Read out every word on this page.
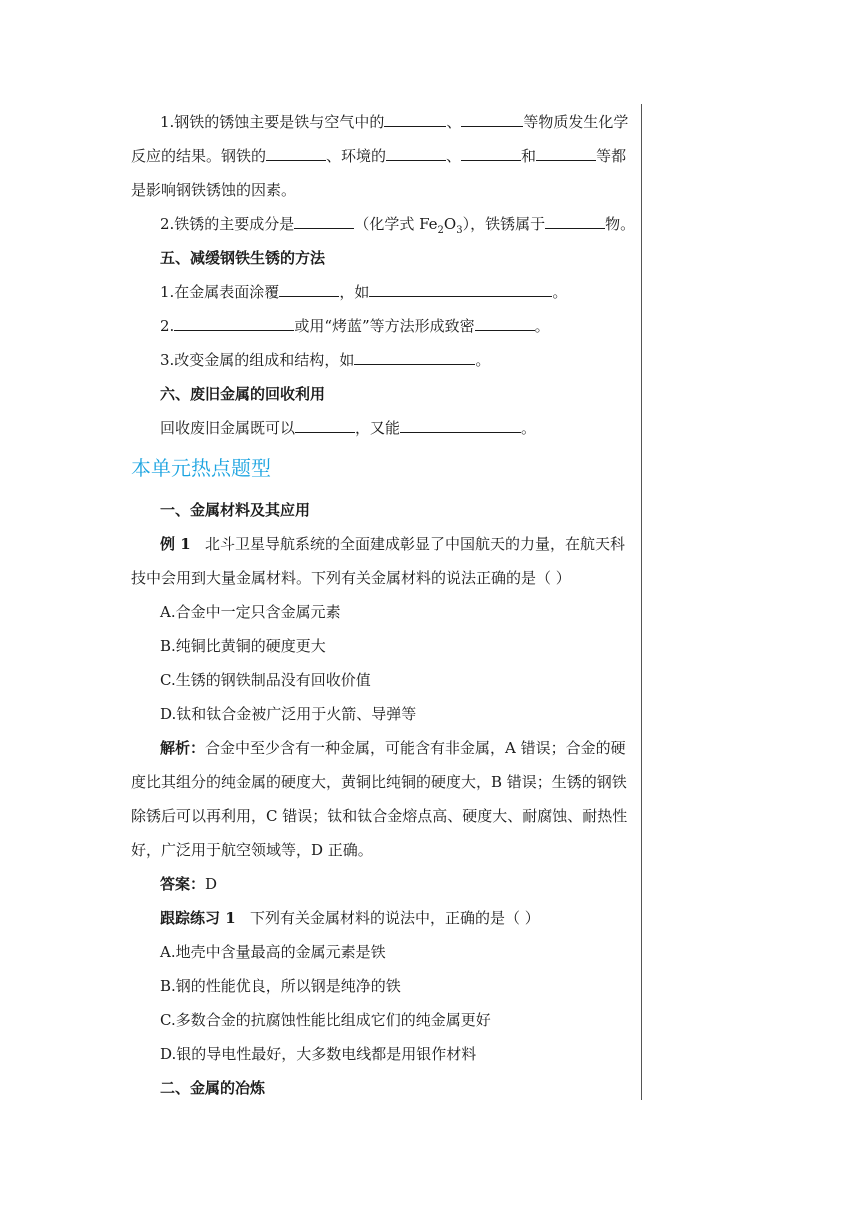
1.钢铁的锈蚀主要是铁与空气中的	、	等物质发生化学
反应的结果。钢铁的	、环境的	、	和	等都
是影响钢铁锈蚀的因素。
2.铁锈的主要成分是	（化学式 $Fe_2O_3$），铁锈属于	物。
五、减缓钢铁生锈的方法
1.在金属表面涂覆	，如	。
2.	或用“烤蓝”等方法形成致密	。
3.改变金属的组成和结构，如	。
六、废旧金属的回收利用
回收废旧金属既可以	，又能	。
本单元热点题型
一、金属材料及其应用
例 1 北斗卫星导航系统的全面建成彰显了中国航天的力量，在航天科
技中会用到大量金属材料。下列有关金属材料的说法正确的是（ ）
A.合金中一定只含金属元素
B.纯铜比黄铜的硬度更大
C.生锈的钢铁制品没有回收价值
D.钛和钛合金被广泛用于火箭、导弹等
解析：合金中至少含有一种金属，可能含有非金属，A 错误；合金的硬
度比其组分的纯金属的硬度大，黄铜比纯铜的硬度大，B 错误；生锈的钢铁
除锈后可以再利用，C 错误；钛和钛合金熔点高、硬度大、耐腐蚀、耐热性
好，广泛用于航空领域等，D 正确。
答案：D
跟踪练习 1 下列有关金属材料的说法中，正确的是（ ）
A.地壳中含量最高的金属元素是铁
B.钢的性能优良，所以钢是纯净的铁
C.多数合金的抗腐蚀性能比组成它们的纯金属更好
D.银的导电性最好，大多数电线都是用银作材料
二、金属的冶炼
